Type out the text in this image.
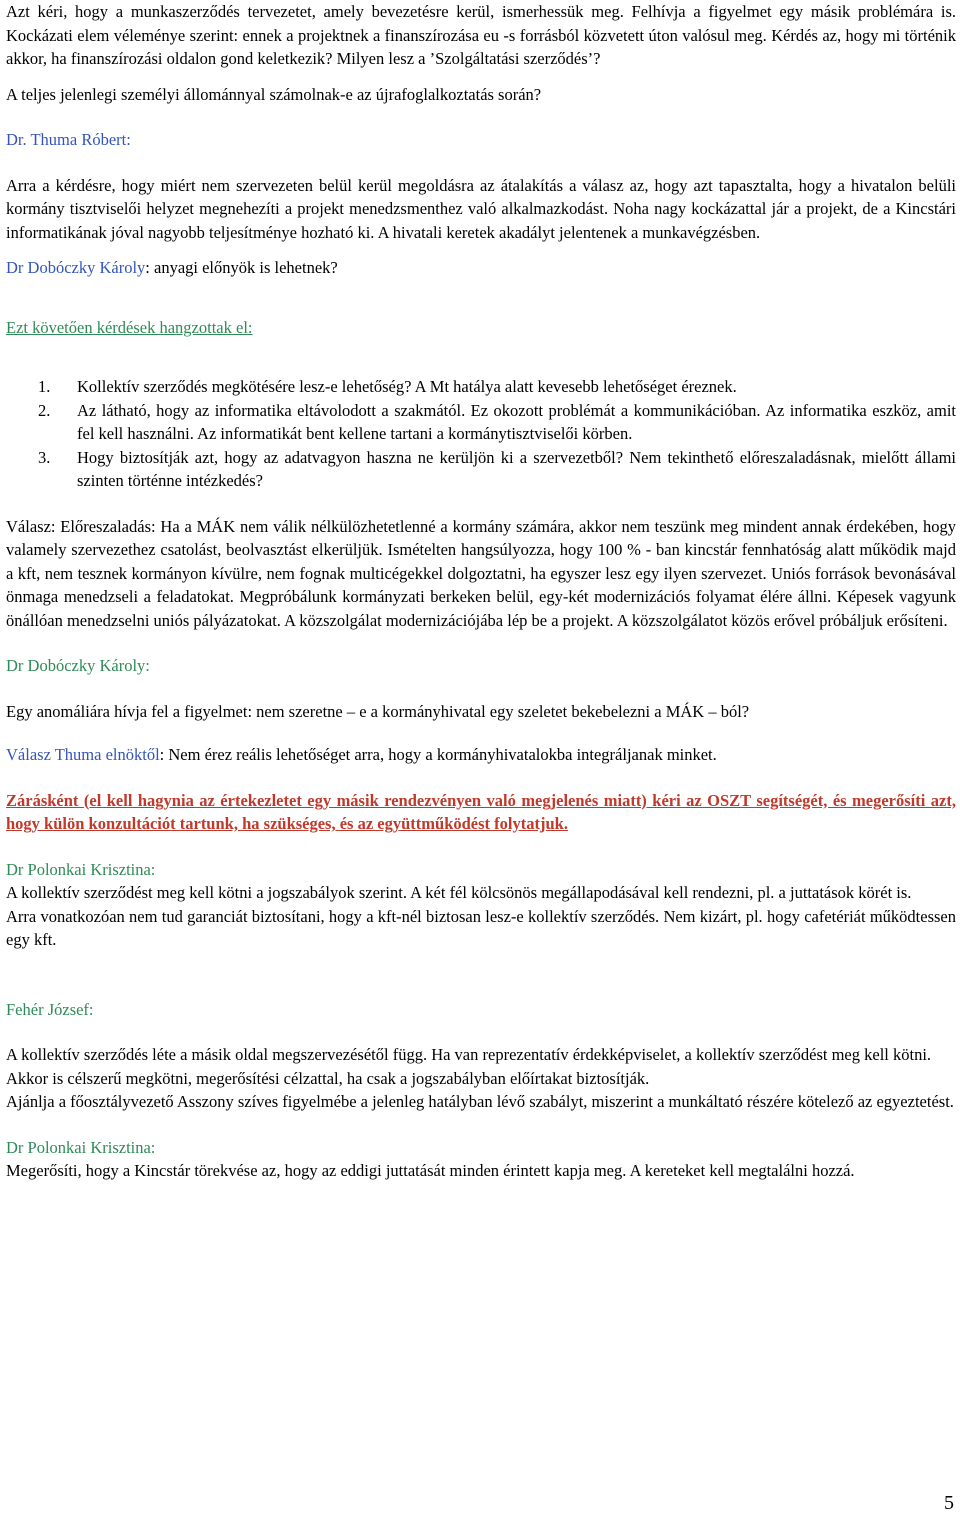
Azt kéri, hogy a munkaszerződés tervezetet, amely bevezetésre kerül, ismerhessük meg. Felhívja a figyelmet egy másik problémára is. Kockázati elem véleménye szerint: ennek a projektnek a finanszírozása eu -s forrásból közvetett úton valósul meg. Kérdés az, hogy mi történik akkor, ha finanszírozási oldalon gond keletkezik? Milyen lesz a ’Szolgáltatási szerződés’?

A teljes jelenlegi személyi állománnyal számolnak-e az újrafoglalkoztatás során?

Dr. Thuma Róbert:

Arra a kérdésre, hogy miért nem szervezeten belül kerül megoldásra az átalakítás a válasz az, hogy azt tapasztalta, hogy a hivatalon belüli kormány tisztviselői helyzet megnehezíti a projekt menedzsmenthez való alkalmazkodást. Noha nagy kockázattal jár a projekt, de a Kincstári informatikának jóval nagyobb teljesítménye hozható ki. A hivatali keretek akadályt jelentenek a munkavégzésben.

Dr Dobóczky Károly: anyagi előnyök is lehetnek?

Ezt követően kérdések hangzottak el:

1.	Kollektív szerződés megkötésére lesz-e lehetőség? A Mt hatálya alatt kevesebb lehetőséget éreznek.
2.	Az látható, hogy az informatika eltávolodott a szakmától. Ez okozott problémát a kommunikációban. Az informatika eszköz, amit fel kell használni. Az informatikát bent kellene tartani a kormánytisztviselői körben.
3.	Hogy biztosítják azt, hogy az adatvagyon haszna ne kerüljön ki a szervezetből? Nem tekinthető előreszaladásnak, mielőtt állami szinten történne intézkedés?

Válasz: Előreszaladás: Ha a MÁK nem válik nélkülözhetetlenné a kormány számára, akkor nem teszünk meg mindent annak érdekében, hogy valamely szervezethez csatolást, beolvasztást elkerüljük. Ismételten hangsúlyozza, hogy 100 % - ban kincstár fennhatóság alatt működik majd a kft, nem tesznek kormányon kívülre, nem fognak multicégekkel dolgoztatni, ha egyszer lesz egy ilyen szervezet. Uniós források bevonásával önmaga menedzseli a feladatokat. Megpróbálunk kormányzati berkeken belül, egy-két modernizációs folyamat élére állni. Képesek vagyunk önállóan menedzselni uniós pályázatokat. A közszolgálat modernizációjába lép be a projekt. A közszolgálatot közös erővel próbáljuk erősíteni.

Dr Dobóczky Károly:

Egy anomáliára hívja fel a figyelmet: nem szeretne – e a kormányhivatal egy szeletet bekebelezni a MÁK – ból?

Válasz Thuma elnöktől: Nem érez reális lehetőséget arra, hogy a kormányhivatalokba integráljanak minket.

Zárásként (el kell hagynia az értekezletet egy másik rendezvényen való megjelenés miatt) kéri az OSZT segítségét, és megerősíti azt, hogy külön konzultációt tartunk, ha szükséges, és az együttműködést folytatjuk.

Dr Polonkai Krisztina:

A kollektív szerződést meg kell kötni a jogszabályok szerint. A két fél kölcsönös megállapodásával kell rendezni, pl. a juttatások körét is.

Arra vonatkozóan nem tud garanciát biztosítani, hogy a kft-nél biztosan lesz-e kollektív szerződés. Nem kizárt, pl. hogy cafetériát működtessen egy kft.

Fehér József:

A kollektív szerződés léte a másik oldal megszervezésétől függ. Ha van reprezentatív érdekképviselet, a kollektív szerződést meg kell kötni.

Akkor is célszerű megkötni, megerősítési célzattal, ha csak a jogszabályban előírtakat biztosítják.

Ajánlja a főosztályvezető Asszony szíves figyelmébe a jelenleg hatályban lévő szabályt, miszerint a munkáltató részére kötelező az egyeztetést.

Dr Polonkai Krisztina:

Megerősíti, hogy a Kincstár törekvése az, hogy az eddigi juttatását minden érintett kapja meg. A kereteket kell megtalálni hozzá.

5
